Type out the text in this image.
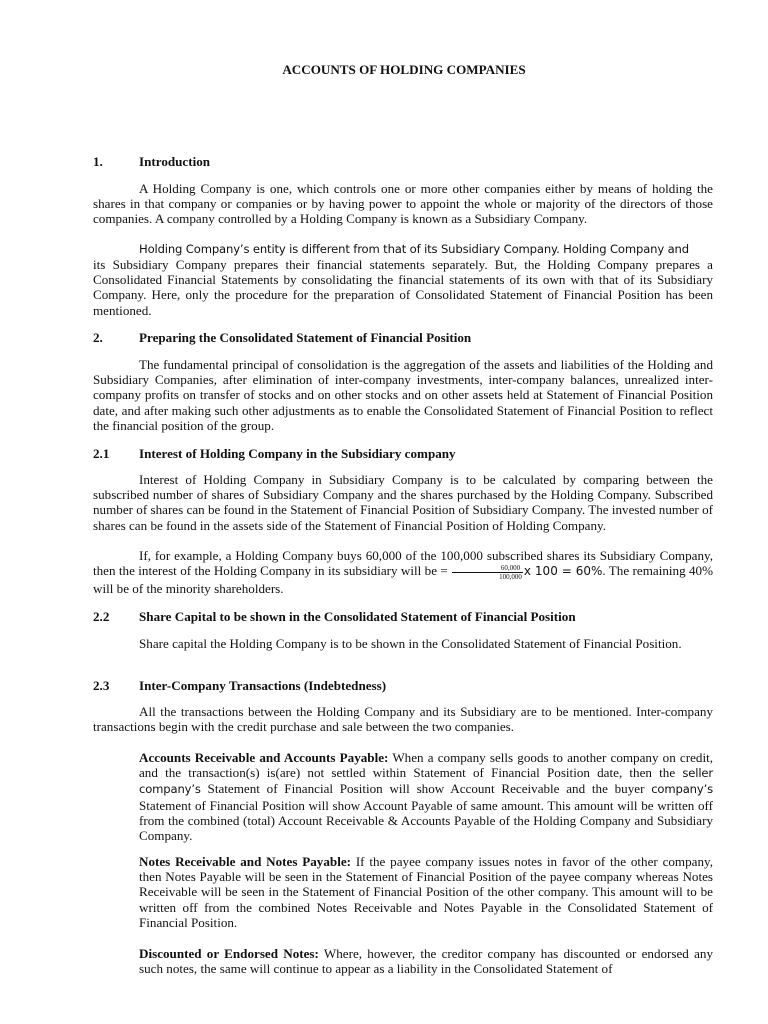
ACCOUNTS OF HOLDING COMPANIES
1.	Introduction

A Holding Company is one, which controls one or more other companies either by means of holding the shares in that company or companies or by having power to appoint the whole or majority of the directors of those companies. A company controlled by a Holding Company is known as a Subsidiary Company.

Holding Company’s entity is different from that of its Subsidiary Company. Holding Company and

its Subsidiary Company prepares their financial statements separately. But, the Holding Company prepares a Consolidated Financial Statements by consolidating the financial statements of its own with that of its Subsidiary Company. Here, only the procedure for the preparation of Consolidated Statement of Financial Position has been mentioned.

2.	Preparing the Consolidated Statement of Financial Position

The fundamental principal of consolidation is the aggregation of the assets and liabilities of the Holding and Subsidiary Companies, after elimination of inter-company investments, inter-company balances, unrealized inter-company profits on transfer of stocks and on other stocks and on other assets held at Statement of Financial Position date, and after making such other adjustments as to enable the Consolidated Statement of Financial Position to reflect the financial position of the group.

2.1 Interest of Holding Company in the Subsidiary company

Interest of Holding Company in Subsidiary Company is to be calculated by comparing between the subscribed number of shares of Subsidiary Company and the shares purchased by the Holding Company. Subscribed number of shares can be found in the Statement of Financial Position of Subsidiary Company. The invested number of shares can be found in the assets side of the Statement of Financial Position of Holding Company.

If, for example, a Holding Company buys 60,000 of the 100,000 subscribed shares its Subsidiary Company, then the interest of the Holding Company in its subsidiary will be = $\frac{60,000}{100,000}$ x 100 = 60%. The remaining 40% will be of the minority shareholders.

2.2 Share Capital to be shown in the Consolidated Statement of Financial Position

Share capital the Holding Company is to be shown in the Consolidated Statement of Financial Position.

2.3 Inter-Company Transactions (Indebtedness)

All the transactions between the Holding Company and its Subsidiary are to be mentioned. Inter-company transactions begin with the credit purchase and sale between the two companies.

Accounts Receivable and Accounts Payable: When a company sells goods to another company on credit, and the transaction(s) is(are) not settled within Statement of Financial Position date, then the seller company’s Statement of Financial Position will show Account Receivable and the buyer company’s Statement of Financial Position will show Account Payable of same amount. This amount will be written off from the combined (total) Account Receivable & Accounts Payable of the Holding Company and Subsidiary Company.

Notes Receivable and Notes Payable: If the payee company issues notes in favor of the other company, then Notes Payable will be seen in the Statement of Financial Position of the payee company whereas Notes Receivable will be seen in the Statement of Financial Position of the other company. This amount will to be written off from the combined Notes Receivable and Notes Payable in the Consolidated Statement of Financial Position.

Discounted or Endorsed Notes: Where, however, the creditor company has discounted or endorsed any such notes, the same will continue to appear as a liability in the Consolidated Statement of
